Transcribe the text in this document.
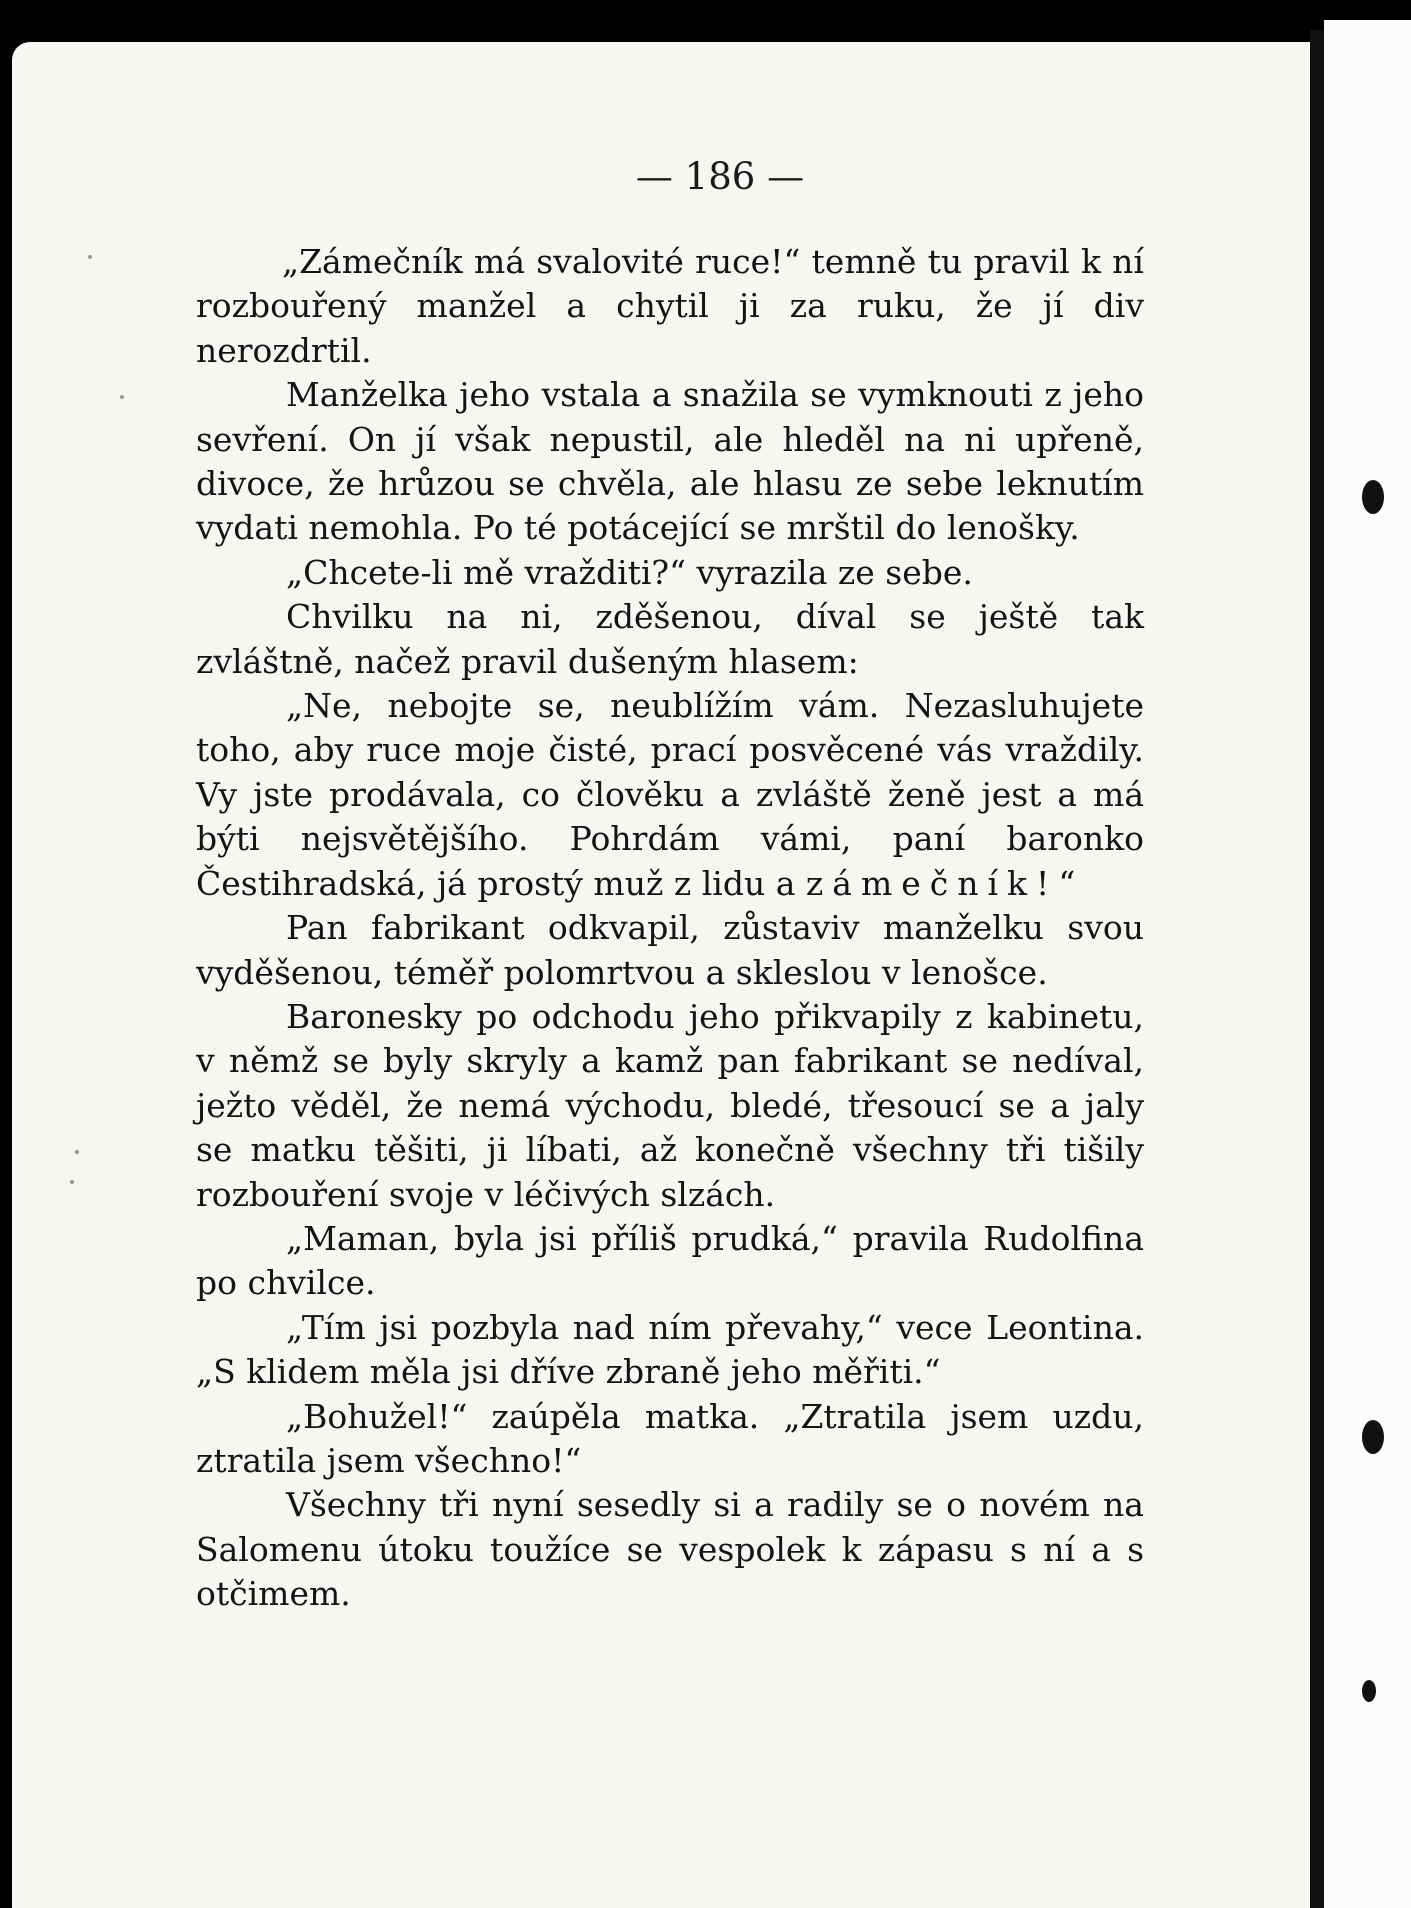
— 186 —

„Zámečník má svalovité ruce!“ temně tu pravil k ní rozbouřený manžel a chytil ji za ruku, že jí div nerozdrtil.

Manželka jeho vstala a snažila se vymknouti z jeho sevření. On jí však nepustil, ale hleděl na ni upřeně, divoce, že hrůzou se chvěla, ale hlasu ze sebe leknutím vydati nemohla. Po té potácející se mrštil do lenošky.

„Chcete-li mě vražditi?“ vyrazila ze sebe.

Chvilku na ni, zděšenou, díval se ještě tak zvláštně, načež pravil dušeným hlasem:

„Ne, nebojte se, neublížím vám. Nezasluhujete toho, aby ruce moje čisté, prací posvěcené vás vraždily. Vy jste prodávala, co člověku a zvláště ženě jest a má býti nejsvětějšího. Pohrdám vámi, paní baronko Čestihradská, já prostý muž z lidu a zámečník!“

Pan fabrikant odkvapil, zůstaviv manželku svou vyděšenou, téměř polomrtvou a skleslou v lenošce.

Baronesky po odchodu jeho přikvapily z kabinetu, v němž se byly skryly a kamž pan fabrikant se nedíval, ježto věděl, že nemá východu, bledé, třesoucí se a jaly se matku těšiti, ji líbati, až konečně všechny tři tišily rozbouření svoje v léčivých slzách.

„Maman, byla jsi příliš prudká,“ pravila Rudolfina po chvilce.

„Tím jsi pozbyla nad ním převahy,“ vece Leontina. „S klidem měla jsi dříve zbraně jeho měřiti.“

„Bohužel!“ zaúpěla matka. „Ztratila jsem uzdu, ztratila jsem všechno!“

Všechny tři nyní sesedly si a radily se o novém na Salomenu útoku toužíce se vespolek k zápasu s ní a s otčimem.
